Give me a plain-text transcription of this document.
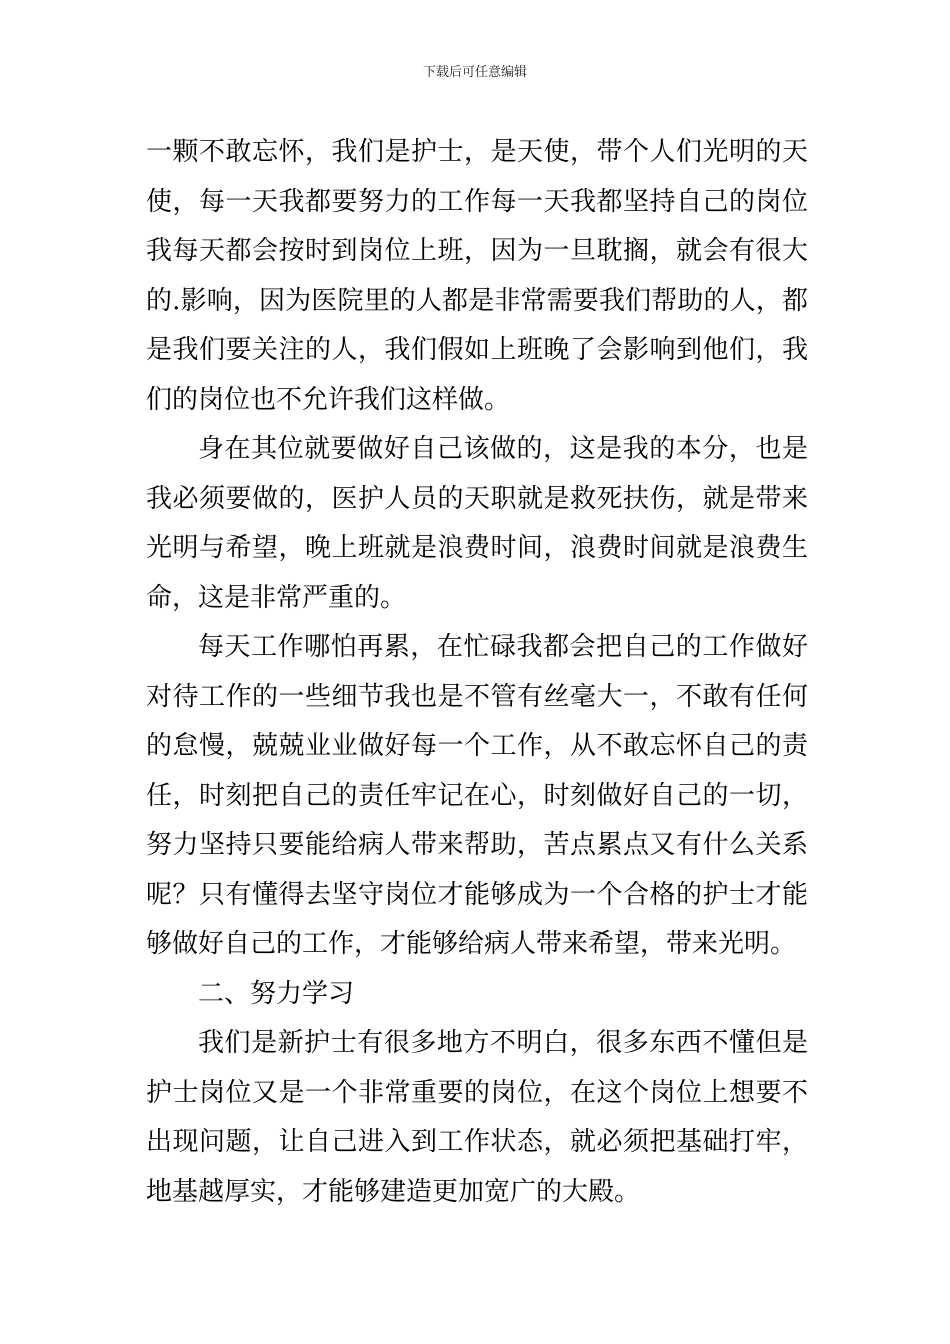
下载后可任意编辑
一颗不敢忘怀，我们是护士，是天使，带个人们光明的天
使，每一天我都要努力的工作每一天我都坚持自己的岗位
我每天都会按时到岗位上班，因为一旦耽搁，就会有很大
的.影响，因为医院里的人都是非常需要我们帮助的人，都
是我们要关注的人，我们假如上班晚了会影响到他们，我
们的岗位也不允许我们这样做。
身在其位就要做好自己该做的，这是我的本分，也是
我必须要做的，医护人员的天职就是救死扶伤，就是带来
光明与希望，晚上班就是浪费时间，浪费时间就是浪费生
命，这是非常严重的。
每天工作哪怕再累，在忙碌我都会把自己的工作做好
对待工作的一些细节我也是不管有丝毫大一，不敢有任何
的怠慢，兢兢业业做好每一个工作，从不敢忘怀自己的责
任，时刻把自己的责任牢记在心，时刻做好自己的一切，
努力坚持只要能给病人带来帮助，苦点累点又有什么关系
呢？只有懂得去坚守岗位才能够成为一个合格的护士才能
够做好自己的工作，才能够给病人带来希望，带来光明。
二、努力学习
我们是新护士有很多地方不明白，很多东西不懂但是
护士岗位又是一个非常重要的岗位，在这个岗位上想要不
出现问题，让自己进入到工作状态，就必须把基础打牢，
地基越厚实，才能够建造更加宽广的大殿。
